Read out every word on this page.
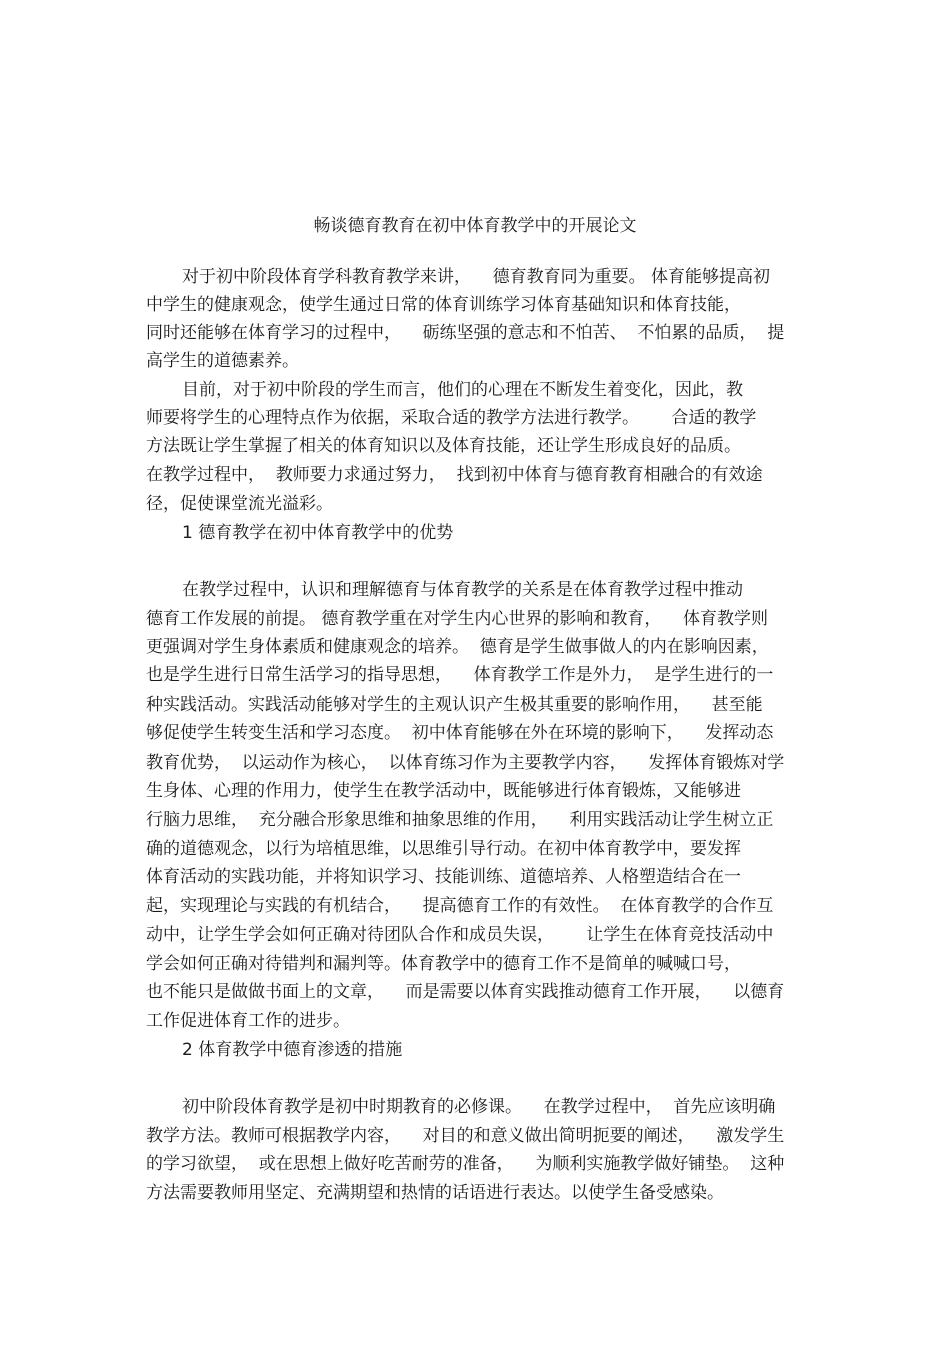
畅谈德育教育在初中体育教学中的开展论文
对于初中阶段体育学科教育教学来讲，    德育教育同为重要。 体育能够提高初
中学生的健康观念，使学生通过日常的体育训练学习体育基础知识和体育技能，
同时还能够在体育学习的过程中，    砺练坚强的意志和不怕苦、  不怕累的品质，  提
高学生的道德素养。
目前，对于初中阶段的学生而言，他们的心理在不断发生着变化，因此，教
师要将学生的心理特点作为依据，采取合适的教学方法进行教学。      合适的教学
方法既让学生掌握了相关的体育知识以及体育技能，还让学生形成良好的品质。
在教学过程中，  教师要力求通过努力，  找到初中体育与德育教育相融合的有效途
径，促使课堂流光溢彩。
1 德育教学在初中体育教学中的优势
在教学过程中，认识和理解德育与体育教学的关系是在体育教学过程中推动
德育工作发展的前提。 德育教学重在对学生内心世界的影响和教育，    体育教学则
更强调对学生身体素质和健康观念的培养。  德育是学生做事做人的内在影响因素，
也是学生进行日常生活学习的指导思想，    体育教学工作是外力，  是学生进行的一
种实践活动。实践活动能够对学生的主观认识产生极其重要的影响作用，    甚至能
够促使学生转变生活和学习态度。  初中体育能够在外在环境的影响下，    发挥动态
教育优势，  以运动作为核心，  以体育练习作为主要教学内容，    发挥体育锻炼对学
生身体、心理的作用力，使学生在教学活动中，既能够进行体育锻炼，又能够进
行脑力思维，  充分融合形象思维和抽象思维的作用，    利用实践活动让学生树立正
确的道德观念，以行为培植思维，以思维引导行动。在初中体育教学中，要发挥
体育活动的实践功能，并将知识学习、技能训练、道德培养、人格塑造结合在一
起，实现理论与实践的有机结合，    提高德育工作的有效性。  在体育教学的合作互
动中，让学生学会如何正确对待团队合作和成员失误，      让学生在体育竞技活动中
学会如何正确对待错判和漏判等。体育教学中的德育工作不是简单的喊喊口号，
也不能只是做做书面上的文章，    而是需要以体育实践推动德育工作开展，    以德育
工作促进体育工作的进步。
2 体育教学中德育渗透的措施
初中阶段体育教学是初中时期教育的必修课。    在教学过程中，  首先应该明确
教学方法。教师可根据教学内容，    对目的和意义做出简明扼要的阐述，    激发学生
的学习欲望，  或在思想上做好吃苦耐劳的准备，    为顺利实施教学做好铺垫。  这种
方法需要教师用坚定、充满期望和热情的话语进行表达。以使学生备受感染。
